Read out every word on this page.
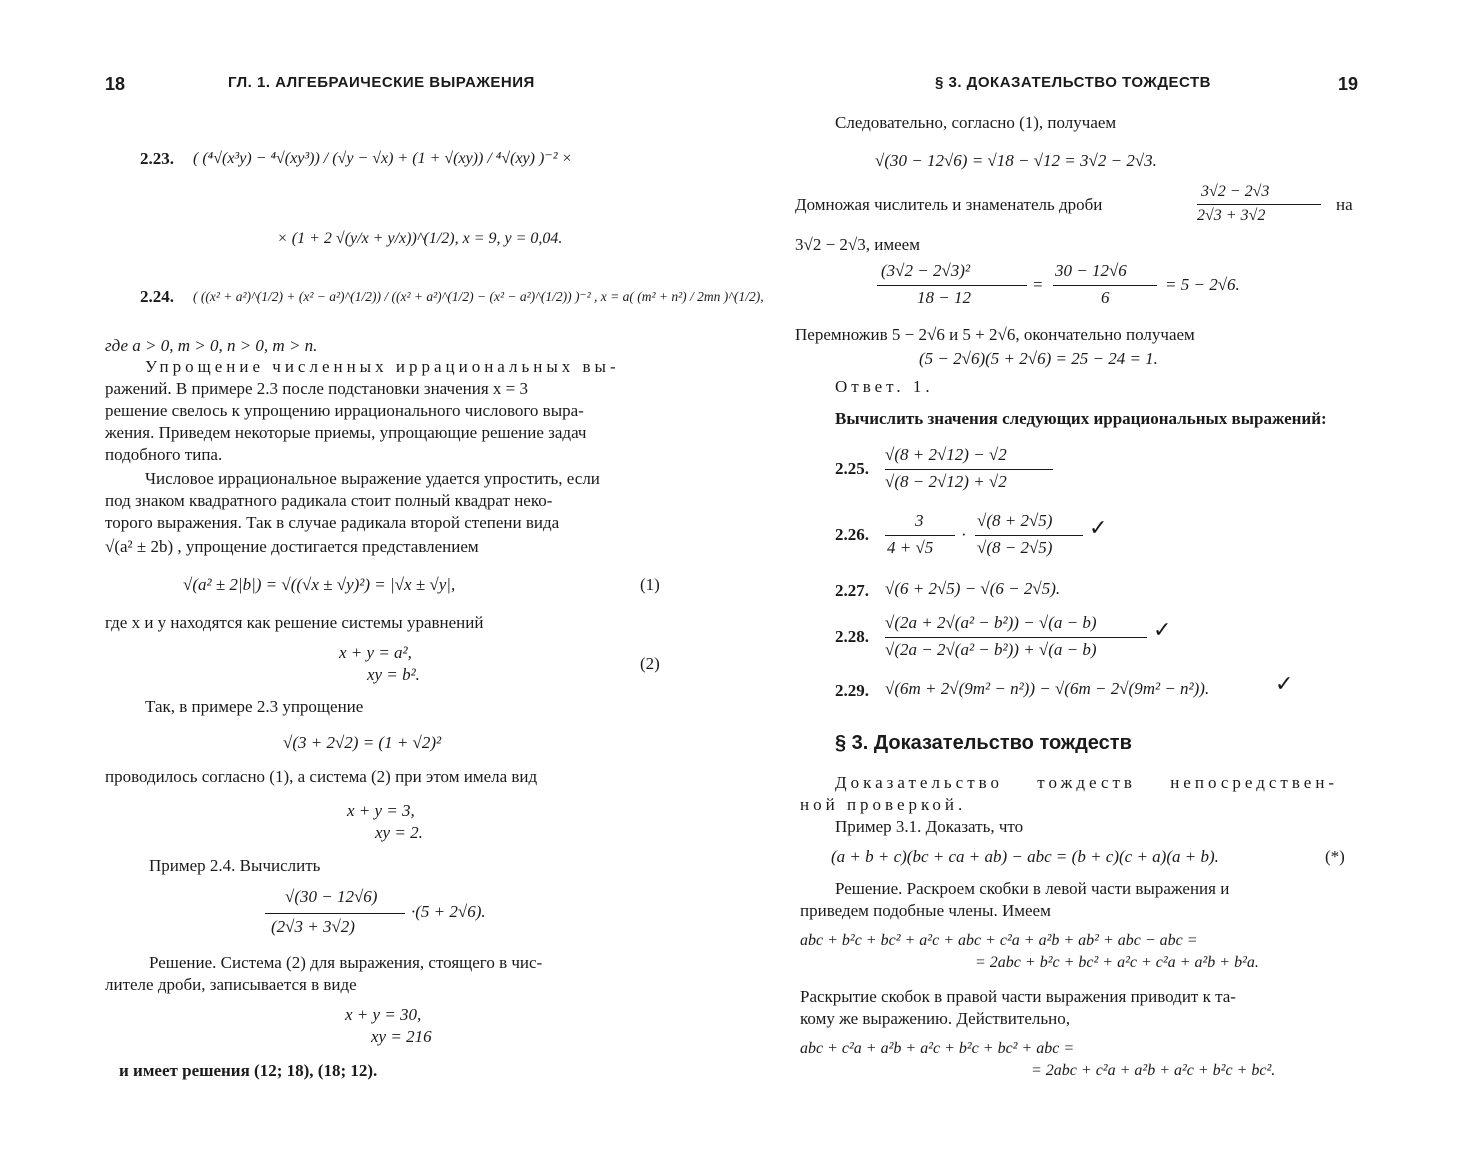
18	ГЛ. 1. АЛГЕБРАИЧЕСКИЕ ВЫРАЖЕНИЯ
2.23. ( (⁴√(x³y) − ⁴√(xy³)) / (√y − √x) + (1 + √(xy)) / ⁴√(xy) )⁻² ×
× (1 + 2 √(y/x + y/x))^(1/2), x = 9, y = 0,04.
2.24. ( ((x² + a²)^(1/2) + (x² − a²)^(1/2)) / ((x² + a²)^(1/2) − (x² − a²)^(1/2)) )⁻² , x = a( (m² + n²) / 2mn )^(1/2),
где a > 0, m > 0, n > 0, m > n.
Упрощение численных иррациональных вы-
ражений. В примере 2.3 после подстановки значения x = 3
решение свелось к упрощению иррационального числового выра-
жения. Приведем некоторые приемы, упрощающие решение задач
подобного типа.
Числовое иррациональное выражение удается упростить, если
под знаком квадратного радикала стоит полный квадрат неко-
торого выражения. Так в случае радикала второй степени вида
√(a² ± 2b) , упрощение достигается представлением
√(a² ± 2|b|) = √((√x ± √y)²) = |√x ± √y|,	(1)
где x и y находятся как решение системы уравнений
x + y = a²,
xy = b².
(2)
Так, в примере 2.3 упрощение
√(3 + 2√2) = (1 + √2)²
проводилось согласно (1), а система (2) при этом имела вид
x + y = 3,
xy = 2.
Пример 2.4. Вычислить
√(30 − 12√6)
(2√3 + 3√2)
·(5 + 2√6).
Решение. Система (2) для выражения, стоящего в чис-
лителе дроби, записывается в виде
x + y = 30,
xy = 216
и имеет решения (12; 18), (18; 12).
§ 3. ДОКАЗАТЕЛЬСТВО ТОЖДЕСТВ	19
Следовательно, согласно (1), получаем
√(30 − 12√6) = √18 − √12 = 3√2 − 2√3.
Домножая числитель и знаменатель дроби
3√2 − 2√3
2√3 + 3√2
на
3√2 − 2√3, имеем
(3√2 − 2√3)²
18 − 12
=
30 − 12√6
6
= 5 − 2√6.
Перемножив 5 − 2√6 и 5 + 2√6, окончательно получаем
(5 − 2√6)(5 + 2√6) = 25 − 24 = 1.
Ответ. 1.
Вычислить значения следующих иррациональных выражений:
2.25.
√(8 + 2√12) − √2
√(8 − 2√12) + √2
2.26.
3
4 + √5
·
√(8 + 2√5)
√(8 − 2√5)
✓
2.27. √(6 + 2√5) − √(6 − 2√5).
2.28.
√(2a + 2√(a² − b²)) − √(a − b)
√(2a − 2√(a² − b²)) + √(a − b)
✓
2.29. √(6m + 2√(9m² − n²)) − √(6m − 2√(9m² − n²)).	✓
§ 3. Доказательство тождеств
Доказательство тождеств непосредствен-
ной проверкой.
Пример 3.1. Доказать, что
(a + b + c)(bc + ca + ab) − abc = (b + c)(c + a)(a + b).	(*)
Решение. Раскроем скобки в левой части выражения и
приведем подобные члены. Имеем
abc + b²c + bc² + a²c + abc + c²a + a²b + ab² + abc − abc =
= 2abc + b²c + bc² + a²c + c²a + a²b + b²a.
Раскрытие скобок в правой части выражения приводит к та-
кому же выражению. Действительно,
abc + c²a + a²b + a²c + b²c + bc² + abc =
= 2abc + c²a + a²b + a²c + b²c + bc².
